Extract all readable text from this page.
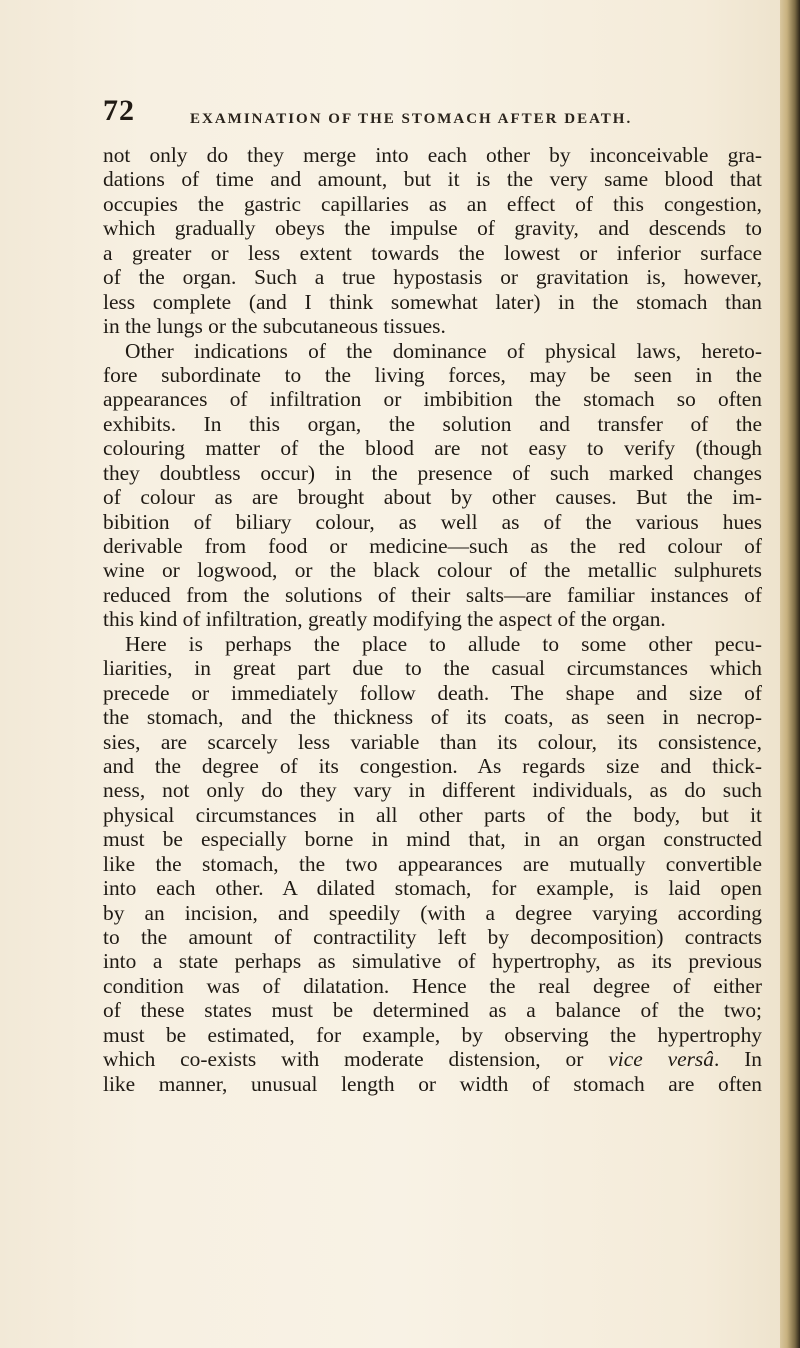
72	EXAMINATION OF THE STOMACH AFTER DEATH.
not only do they merge into each other by inconceivable gra-
dations of time and amount, but it is the very same blood that
occupies the gastric capillaries as an effect of this congestion,
which gradually obeys the impulse of gravity, and descends to
a greater or less extent towards the lowest or inferior surface
of the organ. Such a true hypostasis or gravitation is, however,
less complete (and I think somewhat later) in the stomach than
in the lungs or the subcutaneous tissues.
Other indications of the dominance of physical laws, hereto-
fore subordinate to the living forces, may be seen in the
appearances of infiltration or imbibition the stomach so often
exhibits. In this organ, the solution and transfer of the
colouring matter of the blood are not easy to verify (though
they doubtless occur) in the presence of such marked changes
of colour as are brought about by other causes. But the im-
bibition of biliary colour, as well as of the various hues
derivable from food or medicine—such as the red colour of
wine or logwood, or the black colour of the metallic sulphurets
reduced from the solutions of their salts—are familiar instances of
this kind of infiltration, greatly modifying the aspect of the organ.
Here is perhaps the place to allude to some other pecu-
liarities, in great part due to the casual circumstances which
precede or immediately follow death. The shape and size of
the stomach, and the thickness of its coats, as seen in necrop-
sies, are scarcely less variable than its colour, its consistence,
and the degree of its congestion. As regards size and thick-
ness, not only do they vary in different individuals, as do such
physical circumstances in all other parts of the body, but it
must be especially borne in mind that, in an organ constructed
like the stomach, the two appearances are mutually convertible
into each other. A dilated stomach, for example, is laid open
by an incision, and speedily (with a degree varying according
to the amount of contractility left by decomposition) contracts
into a state perhaps as simulative of hypertrophy, as its previous
condition was of dilatation. Hence the real degree of either
of these states must be determined as a balance of the two;
must be estimated, for example, by observing the hypertrophy
which co-exists with moderate distension, or vice versâ. In
like manner, unusual length or width of stomach are often
